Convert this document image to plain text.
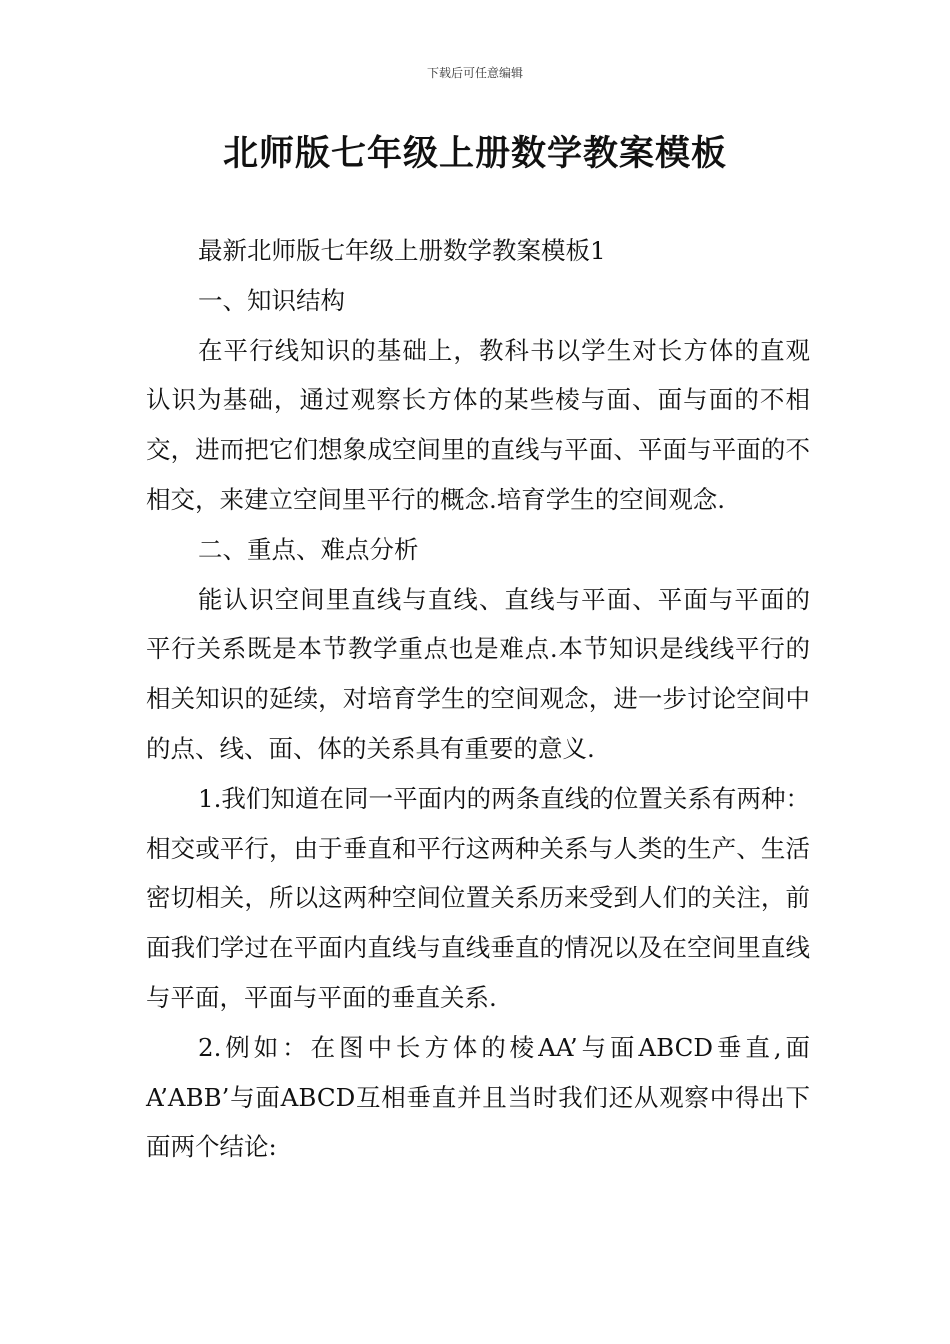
下载后可任意编辑
北师版七年级上册数学教案模板

最新北师版七年级上册数学教案模板1

一、知识结构

在平行线知识的基础上，教科书以学生对长方体的直观认识为基础，通过观察长方体的某些棱与面、面与面的不相交，进而把它们想象成空间里的直线与平面、平面与平面的不相交，来建立空间里平行的概念.培育学生的空间观念.

二、重点、难点分析

能认识空间里直线与直线、直线与平面、平面与平面的平行关系既是本节教学重点也是难点.本节知识是线线平行的相关知识的延续，对培育学生的空间观念，进一步讨论空间中的点、线、面、体的关系具有重要的意义.

1.我们知道在同一平面内的两条直线的位置关系有两种：相交或平行，由于垂直和平行这两种关系与人类的生产、生活密切相关，所以这两种空间位置关系历来受到人们的关注，前面我们学过在平面内直线与直线垂直的情况以及在空间里直线与平面，平面与平面的垂直关系.

2.例如：在图中长方体的棱AA’与面ABCD垂直,面A’ABB’与面ABCD互相垂直并且当时我们还从观察中得出下面两个结论:
